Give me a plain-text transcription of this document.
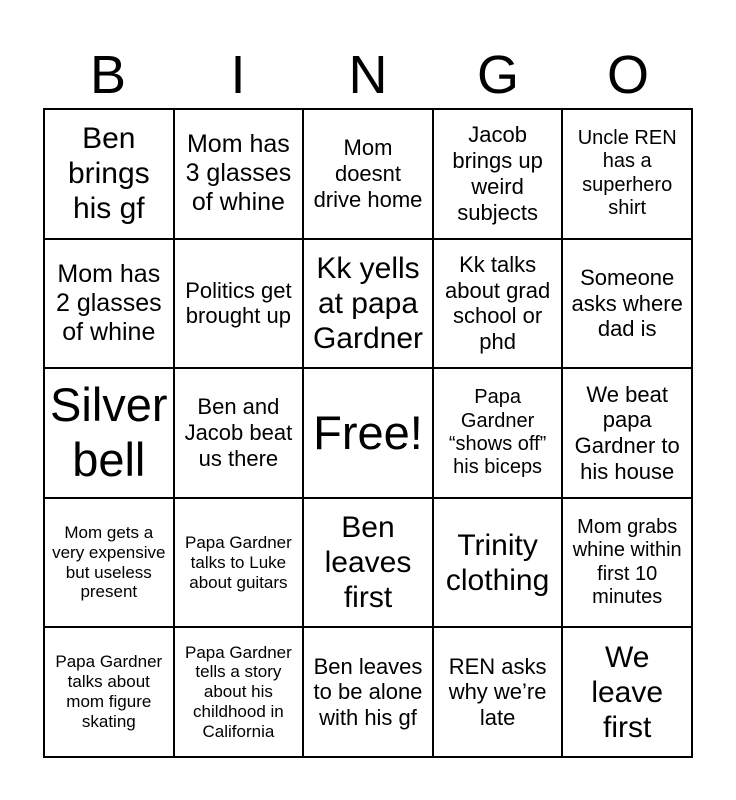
B	I	N	G	O
Ben brings his gf
Mom has 3 glasses of whine
Mom doesnt drive home
Jacob brings up weird subjects
Uncle REN has a superhero shirt
Mom has 2 glasses of whine
Politics get brought up
Kk yells at papa Gardner
Kk talks about grad school or phd
Someone asks where dad is
Silver bell
Ben and Jacob beat us there Free!
Papa Gardner “shows off” his biceps
We beat papa Gardner to his house
Mom gets a very expensive but useless present
Papa Gardner talks to Luke about guitars
Ben leaves first
Trinity clothing
Mom grabs whine within first 10 minutes
Papa Gardner talks about mom figure skating
Papa Gardner tells a story about his childhood in California
Ben leaves to be alone with his gf
REN asks why we’re late
We leave first
